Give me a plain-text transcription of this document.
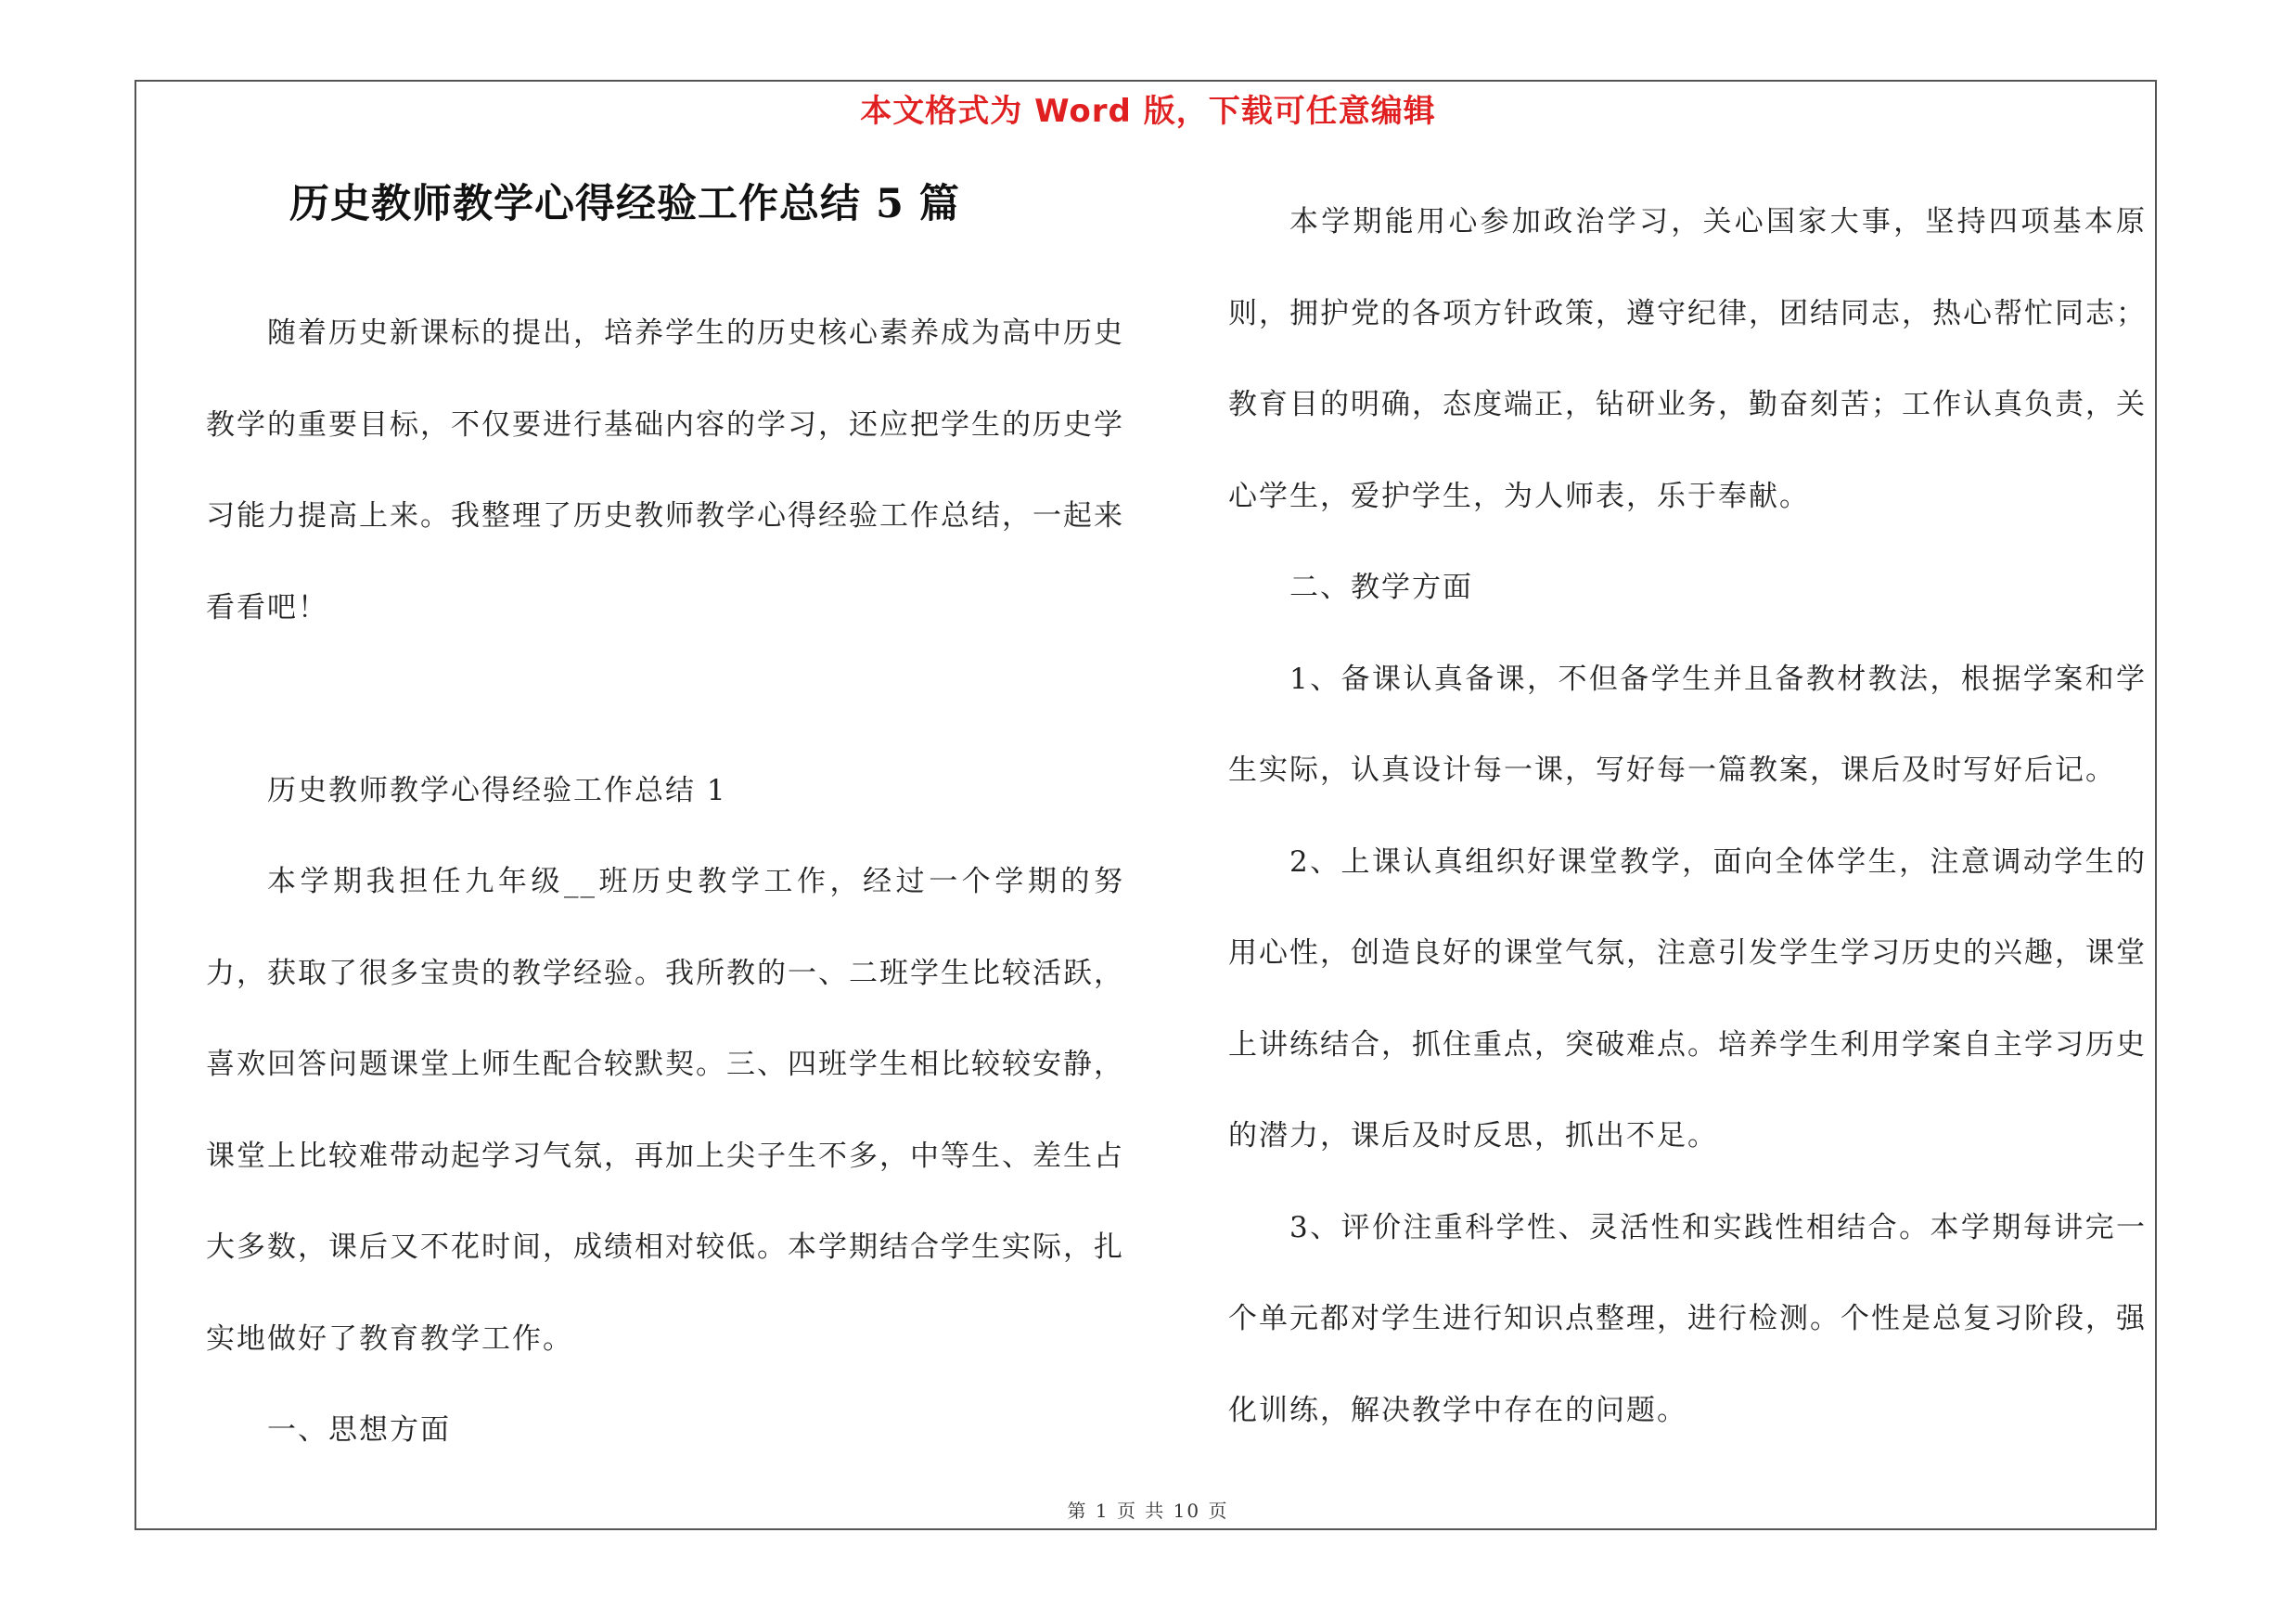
本文格式为 Word 版，下载可任意编辑
历史教师教学心得经验工作总结 5 篇

随着历史新课标的提出，培养学生的历史核心素养成为高中历史教学的重要目标，不仅要进行基础内容的学习，还应把学生的历史学习能力提高上来。我整理了历史教师教学心得经验工作总结，一起来看看吧！

历史教师教学心得经验工作总结 1

本学期我担任九年级__班历史教学工作，经过一个学期的努力，获取了很多宝贵的教学经验。我所教的一、二班学生比较活跃，喜欢回答问题课堂上师生配合较默契。三、四班学生相比较较安静，课堂上比较难带动起学习气氛，再加上尖子生不多，中等生、差生占大多数，课后又不花时间，成绩相对较低。本学期结合学生实际，扎实地做好了教育教学工作。

一、思想方面

本学期能用心参加政治学习，关心国家大事，坚持四项基本原则，拥护党的各项方针政策，遵守纪律，团结同志，热心帮忙同志；教育目的明确，态度端正，钻研业务，勤奋刻苦；工作认真负责，关心学生，爱护学生，为人师表，乐于奉献。

二、教学方面

1、备课认真备课，不但备学生并且备教材教法，根据学案和学生实际，认真设计每一课，写好每一篇教案，课后及时写好后记。

2、上课认真组织好课堂教学，面向全体学生，注意调动学生的用心性，创造良好的课堂气氛，注意引发学生学习历史的兴趣，课堂上讲练结合，抓住重点，突破难点。培养学生利用学案自主学习历史的潜力，课后及时反思，抓出不足。

3、评价注重科学性、灵活性和实践性相结合。本学期每讲完一个单元都对学生进行知识点整理，进行检测。个性是总复习阶段，强化训练，解决教学中存在的问题。

第 1 页 共 10 页
